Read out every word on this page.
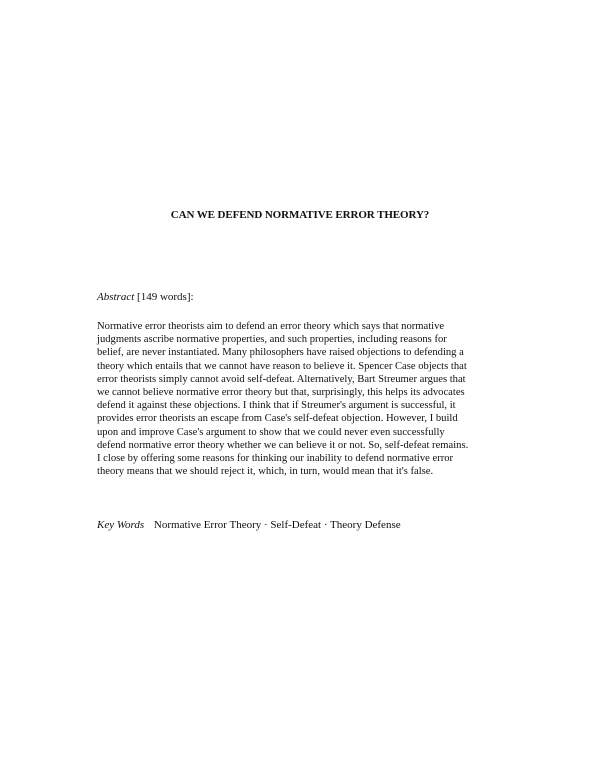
CAN WE DEFEND NORMATIVE ERROR THEORY?
Abstract [149 words]:
Normative error theorists aim to defend an error theory which says that normative
judgments ascribe normative properties, and such properties, including reasons for
belief, are never instantiated. Many philosophers have raised objections to defending a
theory which entails that we cannot have reason to believe it. Spencer Case objects that
error theorists simply cannot avoid self-defeat. Alternatively, Bart Streumer argues that
we cannot believe normative error theory but that, surprisingly, this helps its advocates
defend it against these objections. I think that if Streumer's argument is successful, it
provides error theorists an escape from Case's self-defeat objection. However, I build
upon and improve Case's argument to show that we could never even successfully
defend normative error theory whether we can believe it or not. So, self-defeat remains.
I close by offering some reasons for thinking our inability to defend normative error
theory means that we should reject it, which, in turn, would mean that it's false.
Key Words Normative Error Theory · Self-Defeat · Theory Defense
